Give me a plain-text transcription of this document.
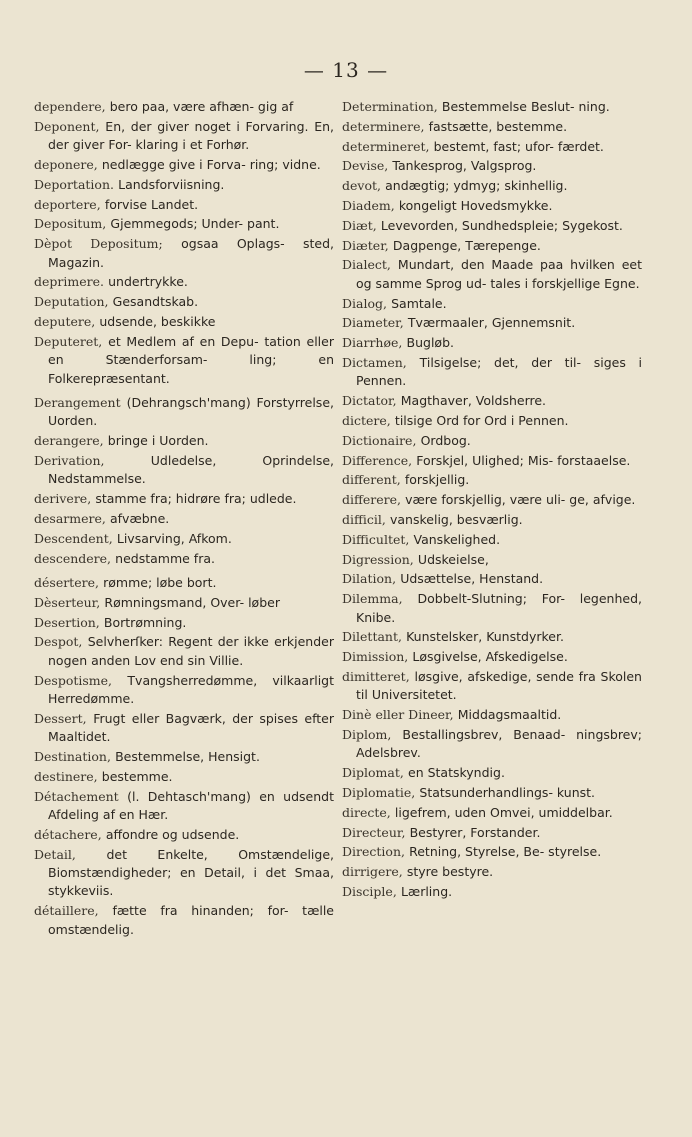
— 13 —

dependere, bero paa, være afhæn- gig af

Deponent, En, der giver noget i Forvaring. En, der giver For- klaring i et Forhør.

deponere, nedlægge give i Forva- ring; vidne.

Deportation. Landsforviisning.

deportere, forvise Landet.

Depositum, Gjemmegods; Under- pant.

Dèpot Depositum; ogsaa Oplags- sted, Magazin.

deprimere. undertrykke.

Deputation, Gesandtskab.

deputere, udsende, beskikke

Deputeret, et Medlem af en Depu- tation eller en Stænderforsam- ling; en Folkerepræsentant.

Derangement (Dehrangsch'mang) Forstyrrelse, Uorden.

derangere, bringe i Uorden.

Derivation,	Udledelse, Oprindelse, Nedstammelse.

derivere, stamme fra; hidrøre fra; udlede.

desarmere, afvæbne.

Descendent, Livsarving, Afkom.

descendere, nedstamme fra.

désertere, rømme; løbe bort.

Dèserteur, Rømningsmand, Over- løber

Desertion, Bortrømning.

Despot, Selvherſker: Regent der ikke erkjender nogen anden Lov end sin Villie.

Despotisme, Tvangsherredømme, vilkaarligt Herredømme.

Dessert, Frugt eller Bagværk, der spises efter Maaltidet.

Destination, Bestemmelse, Hensigt.

destinere, bestemme.

Détachement (l. Dehtasch'mang) en udsendt Afdeling af en Hær.

détachere, affondre og udsende.

Detail, det Enkelte, Omstændelige, Biomstændigheder; en Detail, i det Smaa, stykkeviis.

détaillere, fætte fra hinanden; for- tælle omstændelig.

Determination, Bestemmelse Beslut- ning.

determinere, fastsætte, bestemme.

determineret, bestemt, fast; ufor- færdet.

Devise, Tankesprog, Valgsprog.

devot, andægtig; ydmyg; skinhellig.

Diadem, kongeligt Hovedsmykke.

Diæt, Levevorden, Sundhedspleie; Sygekost.

Diæter, Dagpenge, Tærepenge.

Dialect, Mundart, den Maade paa hvilken eet og samme Sprog ud- tales i forskjellige Egne.

Dialog, Samtale.

Diameter, Tværmaaler, Gjennemsnit.

Diarrhøe, Bugløb.

Dictamen, Tilsigelse; det, der til- siges i Pennen.

Dictator, Magthaver, Voldsherre.

dictere, tilsige Ord for Ord i Pennen.

Dictionaire, Ordbog.

Difference, Forskjel, Ulighed; Mis- forstaaelse.

different, forskjellig.

differere, være forskjellig, være uli- ge, afvige.

difficil, vanskelig, besværlig.

Difficultet, Vanskelighed.

Digression, Udskeielse,

Dilation, Udsættelse, Henstand.

Dilemma, Dobbelt-Slutning; For- legenhed, Knibe.

Dilettant, Kunstelsker, Kunstdyrker.

Dimission, Løsgivelse, Afskedigelse.

dimitteret, løsgive, afskedige, sende fra Skolen til Universitetet.

Dinè eller Dineer, Middagsmaaltid.

Diplom, Bestallingsbrev, Benaad- ningsbrev; Adelsbrev.

Diplomat, en Statskyndig.

Diplomatie, Statsunderhandlings- kunst.

directe, ligefrem, uden Omvei, umiddelbar.

Directeur, Bestyrer, Forstander.

Direction, Retning, Styrelse, Be- styrelse.

dirrigere, styre bestyre.

Disciple, Lærling.
